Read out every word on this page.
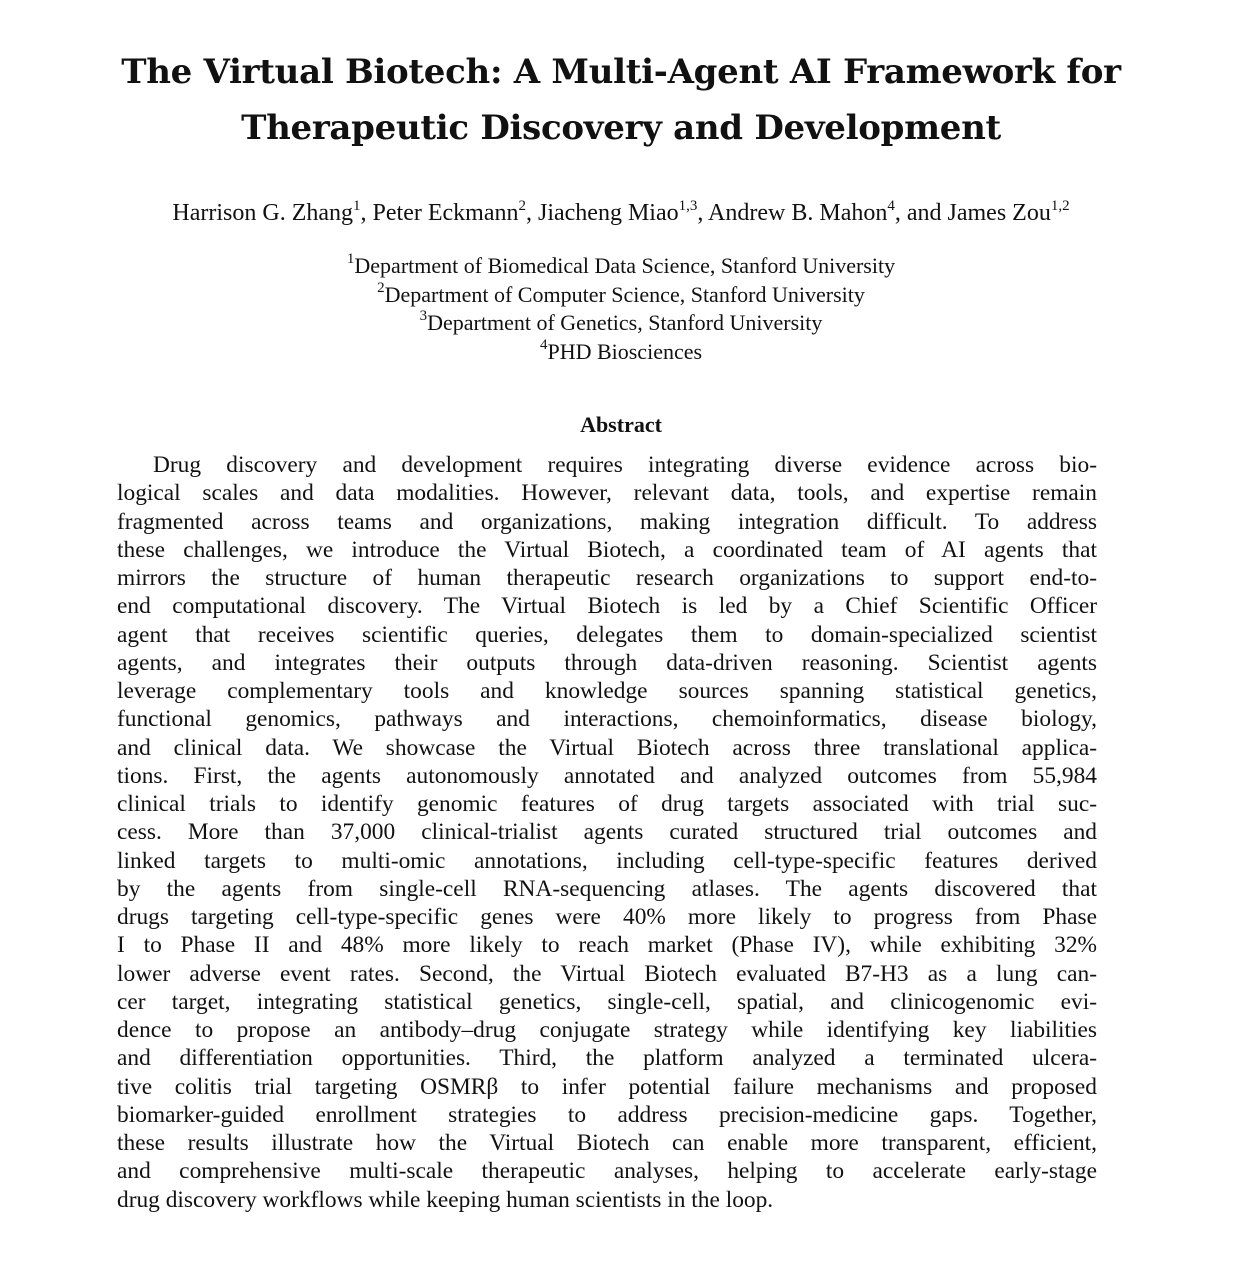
The Virtual Biotech: A Multi-Agent AI Framework for
Therapeutic Discovery and Development
Harrison G. Zhang$^1$, Peter Eckmann$^2$, Jiacheng Miao$^{1,3}$, Andrew B. Mahon$^4$, and James Zou$^{1,2}$
$^1$Department of Biomedical Data Science, Stanford University
$^2$Department of Computer Science, Stanford University
$^3$Department of Genetics, Stanford University
$^4$PHD Biosciences
Abstract
Drug discovery and development requires integrating diverse evidence across bio-
logical scales and data modalities. However, relevant data, tools, and expertise remain
fragmented across teams and organizations, making integration difficult. To address
these challenges, we introduce the Virtual Biotech, a coordinated team of AI agents that
mirrors the structure of human therapeutic research organizations to support end-to-
end computational discovery. The Virtual Biotech is led by a Chief Scientific Officer
agent that receives scientific queries, delegates them to domain-specialized scientist
agents, and integrates their outputs through data-driven reasoning. Scientist agents
leverage complementary tools and knowledge sources spanning statistical genetics,
functional genomics, pathways and interactions, chemoinformatics, disease biology,
and clinical data. We showcase the Virtual Biotech across three translational applica-
tions. First, the agents autonomously annotated and analyzed outcomes from 55,984
clinical trials to identify genomic features of drug targets associated with trial suc-
cess. More than 37,000 clinical-trialist agents curated structured trial outcomes and
linked targets to multi-omic annotations, including cell-type-specific features derived
by the agents from single-cell RNA-sequencing atlases. The agents discovered that
drugs targeting cell-type-specific genes were 40% more likely to progress from Phase
I to Phase II and 48% more likely to reach market (Phase IV), while exhibiting 32%
lower adverse event rates. Second, the Virtual Biotech evaluated B7-H3 as a lung can-
cer target, integrating statistical genetics, single-cell, spatial, and clinicogenomic evi-
dence to propose an antibody–drug conjugate strategy while identifying key liabilities
and differentiation opportunities. Third, the platform analyzed a terminated ulcera-
tive colitis trial targeting OSMRβ to infer potential failure mechanisms and proposed
biomarker-guided enrollment strategies to address precision-medicine gaps. Together,
these results illustrate how the Virtual Biotech can enable more transparent, efficient,
and comprehensive multi-scale therapeutic analyses, helping to accelerate early-stage
drug discovery workflows while keeping human scientists in the loop.
